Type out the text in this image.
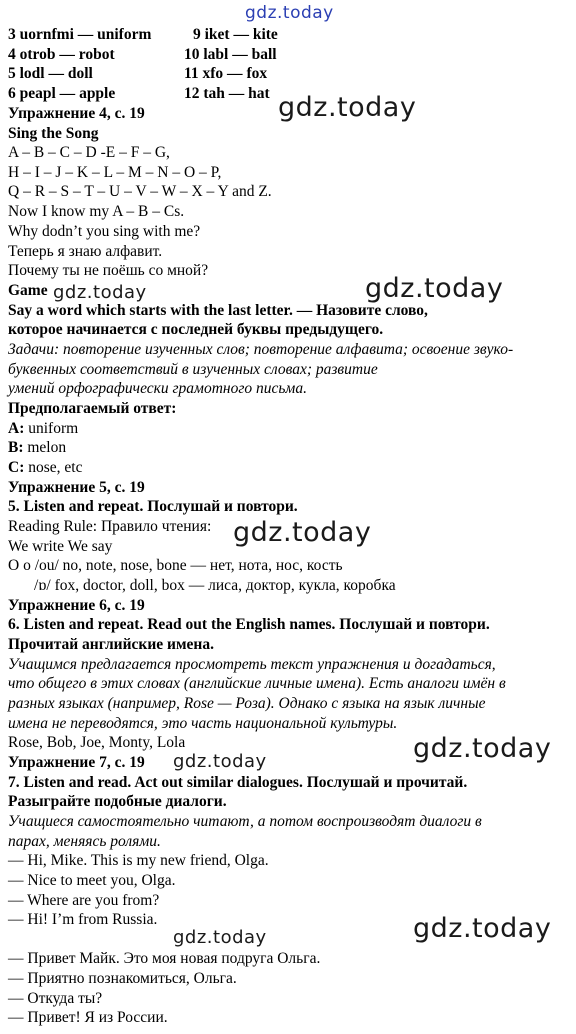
gdz.today
gdz.today
gdz.today
gdz.today
gdz.today
gdz.today
gdz.today
gdz.today
gdz.today
3 uornfmi — uniform	9 iket — kite
4 otrob — robot	10 labl — ball
5 lodl — doll	11 xfo — fox
6 peapl — apple	12 tah — hat
Упражнение 4, с. 19
Sing the Song
A – B – C – D -E – F – G,
H – I – J – K – L – M – N – O – P,
Q – R – S – T – U – V – W – X – Y and Z.
Now I know my A – B – Cs.
Why dodn’t you sing with me?
Теперь я знаю алфавит.
Почему ты не поёшь со мной?
Game
Say a word which starts with the last letter. — Назовите слово,
которое начинается с последней буквы предыдущего.
Задачи: повторение изученных слов; повторение алфавита; освоение звуко-
буквенных соответствий в изученных словах; развитие
умений орфографически грамотного письма.
Предполагаемый ответ:
A: uniform
B: melon
C: nose, etc
Упражнение 5, с. 19
5. Listen and repeat. Послушай и повтори.
Reading Rule: Правило чтения:
We write We say
O o /ou/ no, note, nose, bone — нет, нота, нос, кость
/ɒ/ fox, doctor, doll, box — лиса, доктор, кукла, коробка
Упражнение 6, с. 19
6. Listen and repeat. Read out the English names. Послушай и повтори.
Прочитай английские имена.
Учащимся предлагается просмотреть текст упражнения и догадаться,
что общего в этих словах (английские личные имена). Есть аналоги имён в
разных языках (например, Rose — Роза). Однако с языка на язык личные
имена не переводятся, это часть национальной культуры.
Rose, Bob, Joe, Monty, Lola
Упражнение 7, с. 19
7. Listen and read. Act out similar dialogues. Послушай и прочитай.
Разыграйте подобные диалоги.
Учащиеся самостоятельно читают, а потом воспроизводят диалоги в
парах, меняясь ролями.
— Hi, Mike. This is my new friend, Olga.
— Nice to meet you, Olga.
— Where are you from?
— Hi! I’m from Russia.
— Привет Майк. Это моя новая подруга Ольга.
— Приятно познакомиться, Ольга.
— Откуда ты?
— Привет! Я из России.
